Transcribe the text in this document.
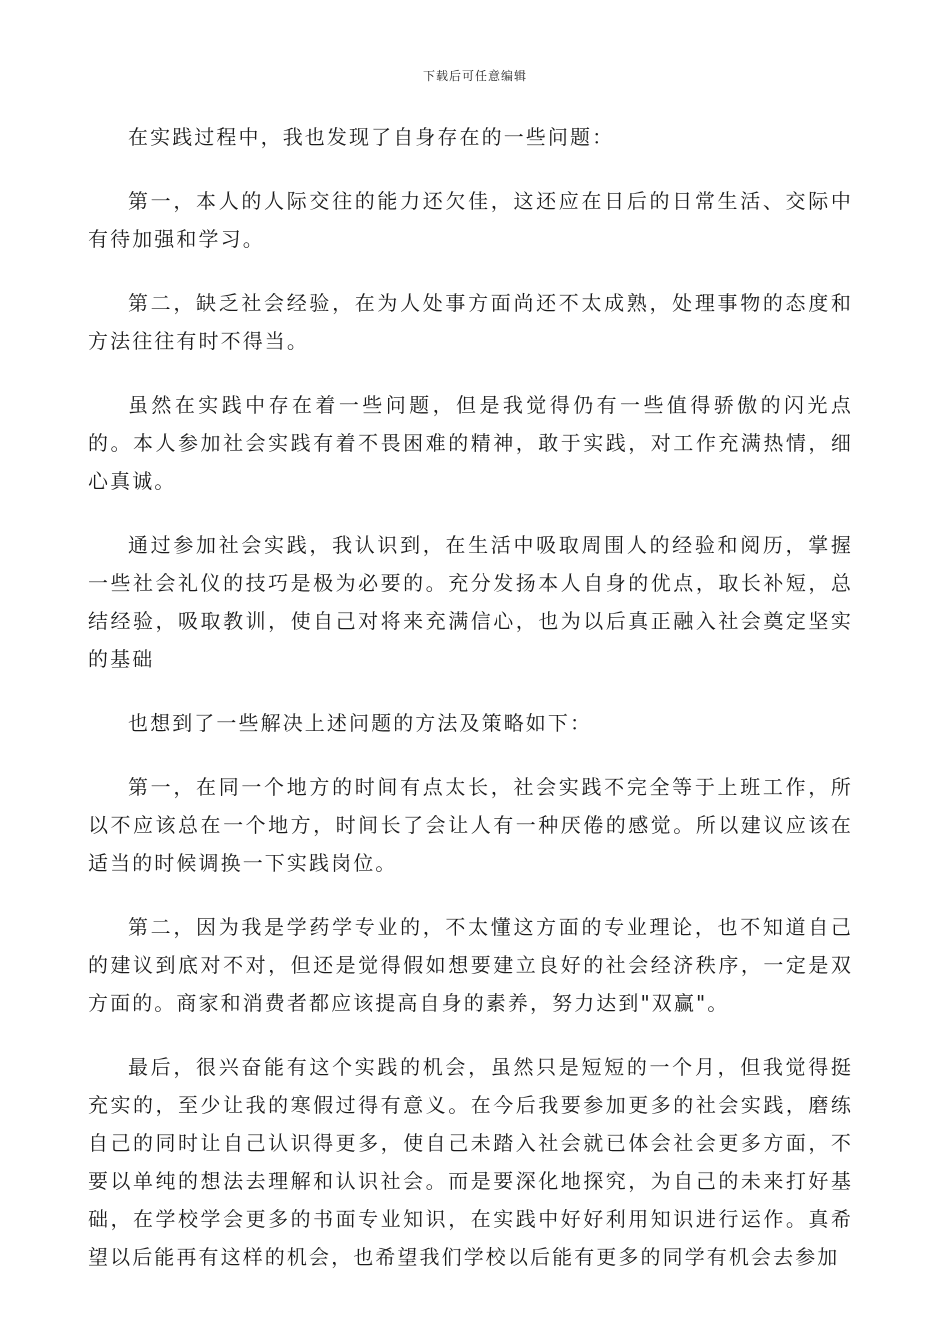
下载后可任意编辑

在实践过程中，我也发现了自身存在的一些问题：

第一，本人的人际交往的能力还欠佳，这还应在日后的日常生活、交际中有待加强和学习。

第二，缺乏社会经验，在为人处事方面尚还不太成熟，处理事物的态度和方法往往有时不得当。

虽然在实践中存在着一些问题，但是我觉得仍有一些值得骄傲的闪光点的。本人参加社会实践有着不畏困难的精神，敢于实践，对工作充满热情，细心真诚。

通过参加社会实践，我认识到，在生活中吸取周围人的经验和阅历，掌握一些社会礼仪的技巧是极为必要的。充分发扬本人自身的优点，取长补短，总结经验，吸取教训，使自己对将来充满信心，也为以后真正融入社会奠定坚实的基础

也想到了一些解决上述问题的方法及策略如下：

第一，在同一个地方的时间有点太长，社会实践不完全等于上班工作，所以不应该总在一个地方，时间长了会让人有一种厌倦的感觉。所以建议应该在适当的时候调换一下实践岗位。

第二，因为我是学药学专业的，不太懂这方面的专业理论，也不知道自己的建议到底对不对，但还是觉得假如想要建立良好的社会经济秩序，一定是双方面的。商家和消费者都应该提高自身的素养，努力达到"双赢"。

最后，很兴奋能有这个实践的机会，虽然只是短短的一个月，但我觉得挺充实的，至少让我的寒假过得有意义。在今后我要参加更多的社会实践，磨练自己的同时让自己认识得更多，使自己未踏入社会就已体会社会更多方面，不要以单纯的想法去理解和认识社会。而是要深化地探究，为自己的未来打好基础，在学校学会更多的书面专业知识，在实践中好好利用知识进行运作。真希望以后能再有这样的机会，也希望我们学校以后能有更多的同学有机会去参加
